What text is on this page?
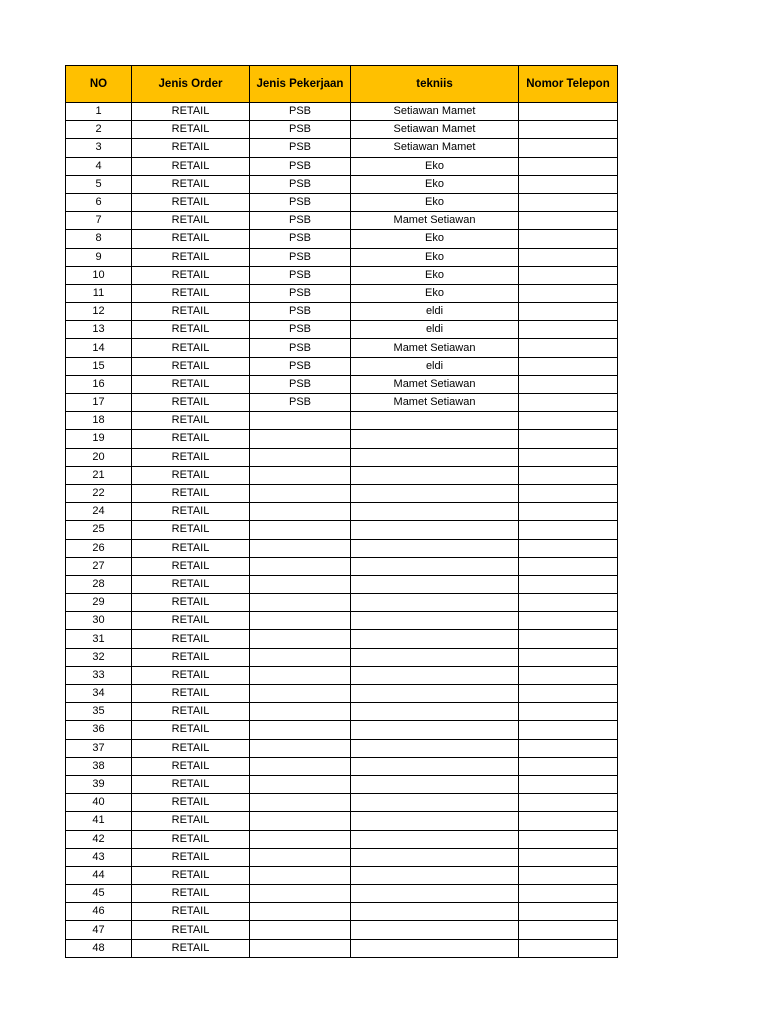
NO	Jenis Order	Jenis Pekerjaan	tekniis	Nomor Telepon
1	RETAIL	PSB	Setiawan Mamet	
2	RETAIL	PSB	Setiawan Mamet	
3	RETAIL	PSB	Setiawan Mamet	
4	RETAIL	PSB	Eko	
5	RETAIL	PSB	Eko	
6	RETAIL	PSB	Eko	
7	RETAIL	PSB	Mamet Setiawan	
8	RETAIL	PSB	Eko	
9	RETAIL	PSB	Eko	
10	RETAIL	PSB	Eko	
11	RETAIL	PSB	Eko	
12	RETAIL	PSB	eldi	
13	RETAIL	PSB	eldi	
14	RETAIL	PSB	Mamet Setiawan	
15	RETAIL	PSB	eldi	
16	RETAIL	PSB	Mamet Setiawan	
17	RETAIL	PSB	Mamet Setiawan	
18	RETAIL			
19	RETAIL			
20	RETAIL			
21	RETAIL			
22	RETAIL			
24	RETAIL			
25	RETAIL			
26	RETAIL			
27	RETAIL			
28	RETAIL			
29	RETAIL			
30	RETAIL			
31	RETAIL			
32	RETAIL			
33	RETAIL			
34	RETAIL			
35	RETAIL			
36	RETAIL			
37	RETAIL			
38	RETAIL			
39	RETAIL			
40	RETAIL			
41	RETAIL			
42	RETAIL			
43	RETAIL			
44	RETAIL			
45	RETAIL			
46	RETAIL			
47	RETAIL			
48	RETAIL			
